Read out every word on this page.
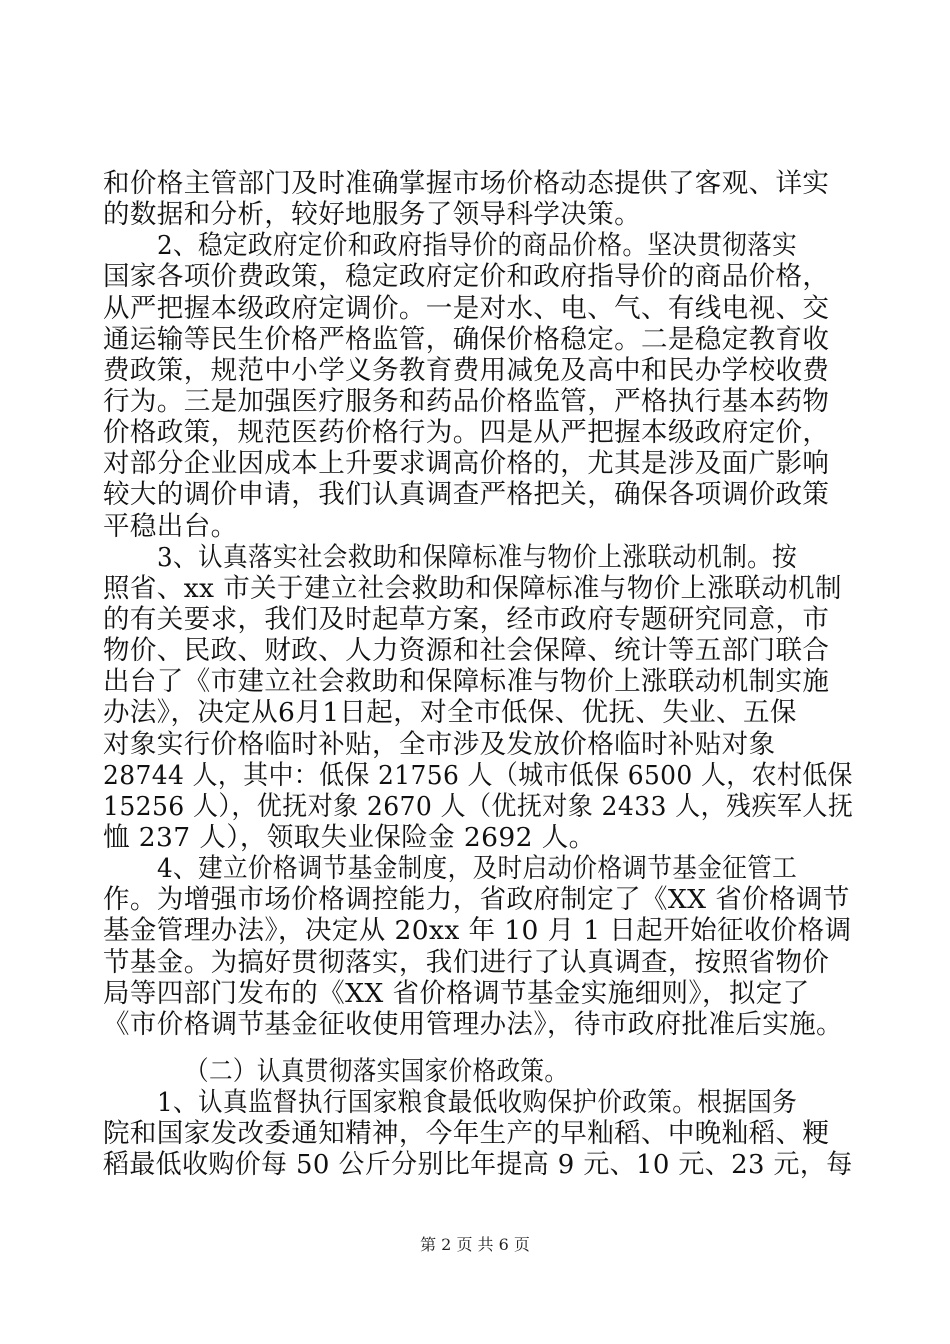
和价格主管部门及时准确掌握市场价格动态提供了客观、详实
的数据和分析，较好地服务了领导科学决策。
2、稳定政府定价和政府指导价的商品价格。坚决贯彻落实
国家各项价费政策，稳定政府定价和政府指导价的商品价格，
从严把握本级政府定调价。一是对水、电、气、有线电视、交
通运输等民生价格严格监管，确保价格稳定。二是稳定教育收
费政策，规范中小学义务教育费用减免及高中和民办学校收费
行为。三是加强医疗服务和药品价格监管，严格执行基本药物
价格政策，规范医药价格行为。四是从严把握本级政府定价，
对部分企业因成本上升要求调高价格的，尤其是涉及面广影响
较大的调价申请，我们认真调查严格把关，确保各项调价政策
平稳出台。
3、认真落实社会救助和保障标准与物价上涨联动机制。按
照省、xx 市关于建立社会救助和保障标准与物价上涨联动机制
的有关要求，我们及时起草方案，经市政府专题研究同意，市
物价、民政、财政、人力资源和社会保障、统计等五部门联合
出台了《市建立社会救助和保障标准与物价上涨联动机制实施
办法》，决定从6月1日起，对全市低保、优抚、失业、五保
对象实行价格临时补贴，全市涉及发放价格临时补贴对象
28744 人，其中：低保 21756 人（城市低保 6500 人，农村低保
15256 人），优抚对象 2670 人（优抚对象 2433 人，残疾军人抚
恤 237 人），领取失业保险金 2692 人。
4、建立价格调节基金制度，及时启动价格调节基金征管工
作。为增强市场价格调控能力，省政府制定了《XX 省价格调节
基金管理办法》，决定从 20xx 年 10 月 1 日起开始征收价格调
节基金。为搞好贯彻落实，我们进行了认真调查，按照省物价
局等四部门发布的《XX 省价格调节基金实施细则》，拟定了
《市价格调节基金征收使用管理办法》，待市政府批准后实施。
（二）认真贯彻落实国家价格政策。
1、认真监督执行国家粮食最低收购保护价政策。根据国务
院和国家发改委通知精神，今年生产的早籼稻、中晚籼稻、粳
稻最低收购价每 50 公斤分别比年提高 9 元、10 元、23 元，每
第 2 页 共 6 页
